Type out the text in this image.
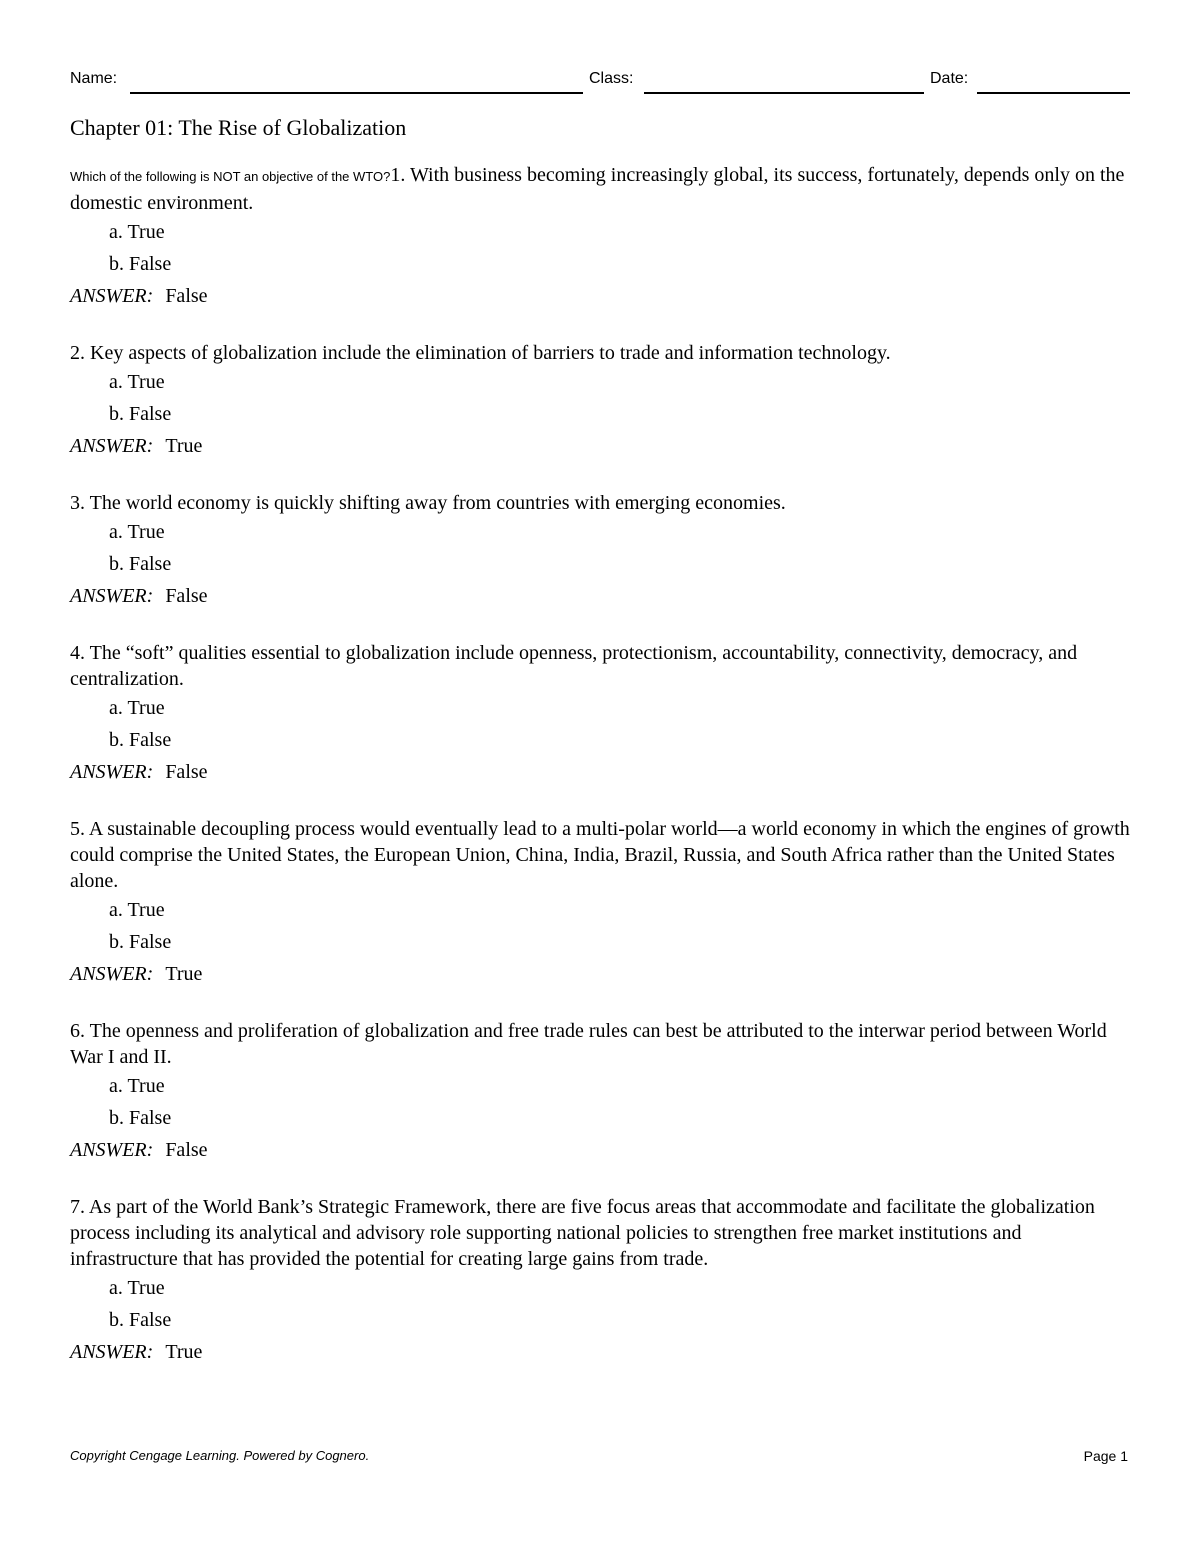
Name:	Class:	Date:
Chapter 01: The Rise of Globalization

Which of the following is NOT an objective of the WTO?1. With business becoming increasingly global, its success, fortunately, depends only on the domestic environment.

a. True
b. False
ANSWER: False

2. Key aspects of globalization include the elimination of barriers to trade and information technology.

a. True
b. False
ANSWER: True

3. The world economy is quickly shifting away from countries with emerging economies.

a. True
b. False
ANSWER: False

4. The “soft” qualities essential to globalization include openness, protectionism, accountability, connectivity, democracy, and centralization.

a. True
b. False
ANSWER: False

5. A sustainable decoupling process would eventually lead to a multi-polar world—a world economy in which the engines of growth could comprise the United States, the European Union, China, India, Brazil, Russia, and South Africa rather than the United States alone.

a. True
b. False
ANSWER: True

6. The openness and proliferation of globalization and free trade rules can best be attributed to the interwar period between World War I and II.

a. True
b. False
ANSWER: False

7. As part of the World Bank’s Strategic Framework, there are five focus areas that accommodate and facilitate the globalization process including its analytical and advisory role supporting national policies to strengthen free market institutions and infrastructure that has provided the potential for creating large gains from trade.

a. True
b. False
ANSWER: True
Copyright Cengage Learning. Powered by Cognero.	Page 1
